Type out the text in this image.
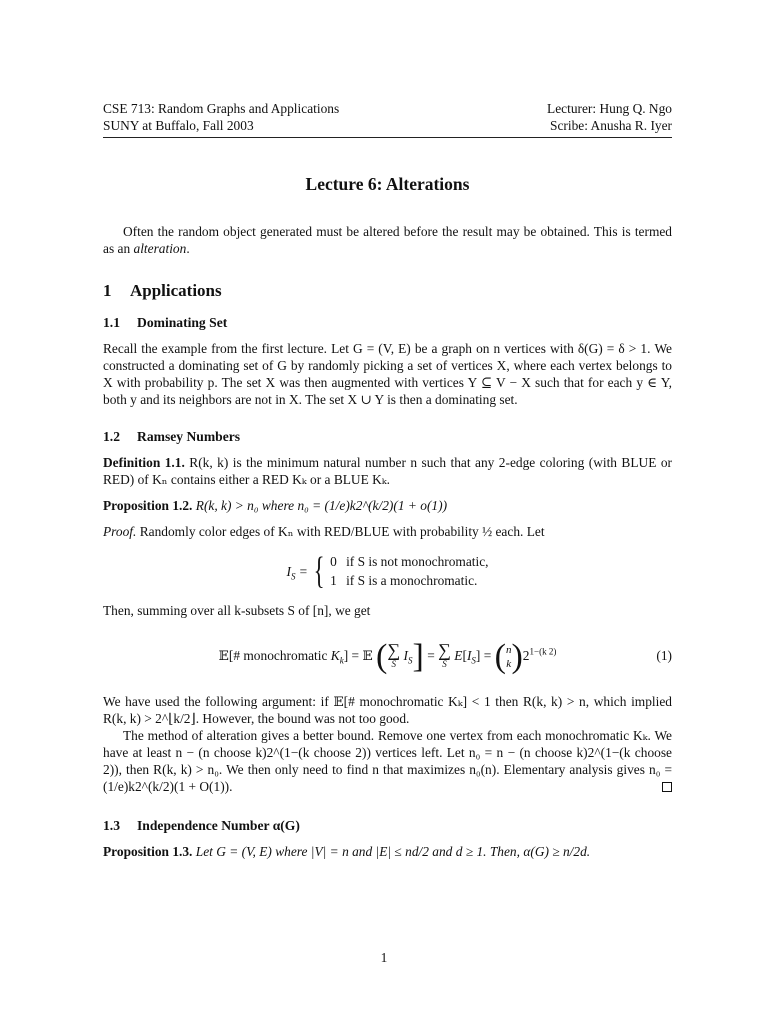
CSE 713: Random Graphs and Applications
SUNY at Buffalo, Fall 2003
Lecturer: Hung Q. Ngo
Scribe: Anusha R. Iyer
Lecture 6: Alterations

Often the random object generated must be altered before the result may be obtained. This is termed as an alteration.

1 Applications
1.1 Dominating Set

Recall the example from the first lecture. Let G = (V, E) be a graph on n vertices with δ(G) = δ > 1. We constructed a dominating set of G by randomly picking a set of vertices X, where each vertex belongs to X with probability p. The set X was then augmented with vertices Y ⊆ V − X such that for each y ∈ Y, both y and its neighbors are not in X. The set X ∪ Y is then a dominating set.

1.2 Ramsey Numbers

Definition 1.1. R(k, k) is the minimum natural number n such that any 2-edge coloring (with BLUE or RED) of Kₙ contains either a RED Kₖ or a BLUE Kₖ.

Proposition 1.2. R(k, k) > n₀ where n₀ = (1/e)k2^(k/2)(1 + o(1))

Proof. Randomly color edges of Kₙ with RED/BLUE with probability ½ each. Let

$I_S$ = { 0 if S is not monochromatic,
1 if S is a monochromatic.

Then, summing over all k-subsets S of [n], we get

𝔼[# monochromatic $K_k$] = 𝔼 ( ∑
S
$I_S$] = ∑
S
$E[I_S] = (n$
$k)2^{1-(k 2)}$	(1)

We have used the following argument: if 𝔼[# monochromatic Kₖ] < 1 then R(k, k) > n, which implied R(k, k) > 2^⌊k/2⌋. However, the bound was not too good.

The method of alteration gives a better bound. Remove one vertex from each monochromatic Kₖ. We have at least n − (n choose k)2^(1−(k choose 2)) vertices left. Let n₀ = n − (n choose k)2^(1−(k choose 2)), then R(k, k) > n₀. We then only need to find n that maximizes n₀(n). Elementary analysis gives n₀ = (1/e)k2^(k/2)(1 + O(1)).

1.3 Independence Number α(G)

Proposition 1.3. Let G = (V, E) where |V| = n and |E| ≤ nd/2 and d ≥ 1. Then, α(G) ≥ n/2d.

1
